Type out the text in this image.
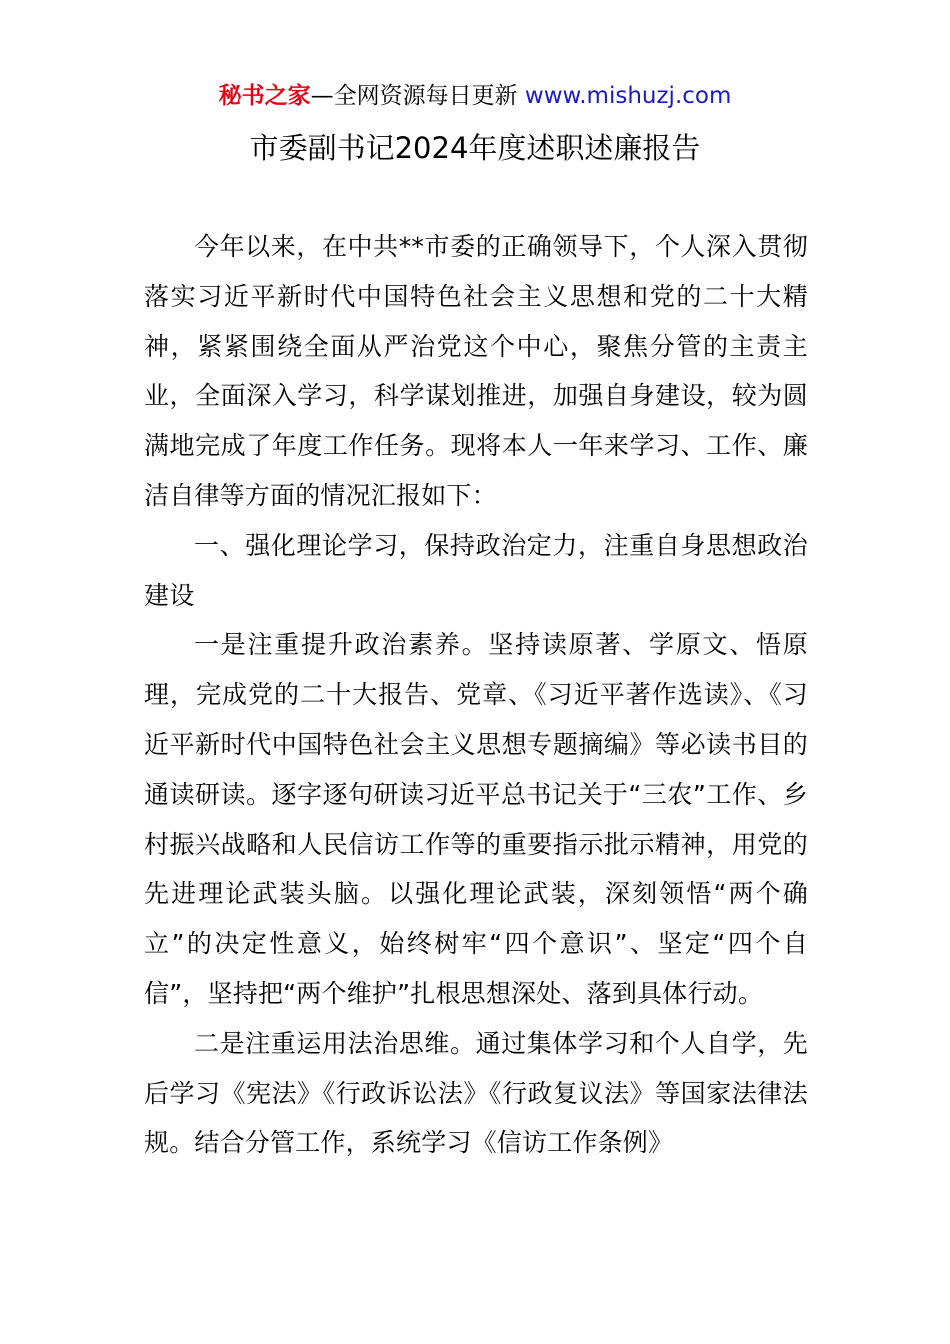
秘书之家—全网资源每日更新 www.mishuzj.com
市委副书记2024年度述职述廉报告

今年以来，在中共**市委的正确领导下，个人深入贯彻落实习近平新时代中国特色社会主义思想和党的二十大精神，紧紧围绕全面从严治党这个中心，聚焦分管的主责主业，全面深入学习，科学谋划推进，加强自身建设，较为圆满地完成了年度工作任务。现将本人一年来学习、工作、廉洁自律等方面的情况汇报如下：

一、强化理论学习，保持政治定力，注重自身思想政治建设

一是注重提升政治素养。坚持读原著、学原文、悟原理，完成党的二十大报告、党章、《习近平著作选读》、《习近平新时代中国特色社会主义思想专题摘编》等必读书目的通读研读。逐字逐句研读习近平总书记关于“三农”工作、乡村振兴战略和人民信访工作等的重要指示批示精神，用党的先进理论武装头脑。以强化理论武装，深刻领悟“两个确立”的决定性意义，始终树牢“四个意识”、坚定“四个自信”，坚持把“两个维护”扎根思想深处、落到具体行动。

二是注重运用法治思维。通过集体学习和个人自学，先后学习《宪法》《行政诉讼法》《行政复议法》等国家法律法规。结合分管工作，系统学习《信访工作条例》
